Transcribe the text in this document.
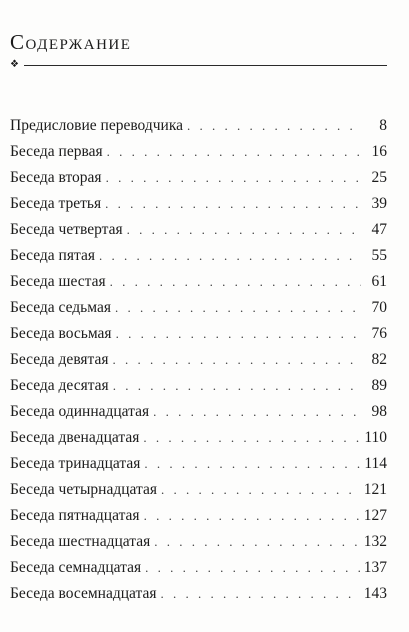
Содержание
❖
Предисловие переводчика . . .	8
Беседа первая . . .	16
Беседа вторая . . .	25
Беседа третья . . .	39
Беседа четвертая . . .	47
Беседа пятая . . .	55
Беседа шестая . . .	61
Беседа седьмая . . .	70
Беседа восьмая . . .	76
Беседа девятая . . .	82
Беседа десятая . . .	89
Беседа одиннадцатая . . .	98
Беседа двенадцатая . . .	110
Беседа тринадцатая . . .	114
Беседа четырнадцатая . . .	121
Беседа пятнадцатая . . .	127
Беседа шестнадцатая . . .	132
Беседа семнадцатая . . .	137
Беседа восемнадцатая . . .	143
